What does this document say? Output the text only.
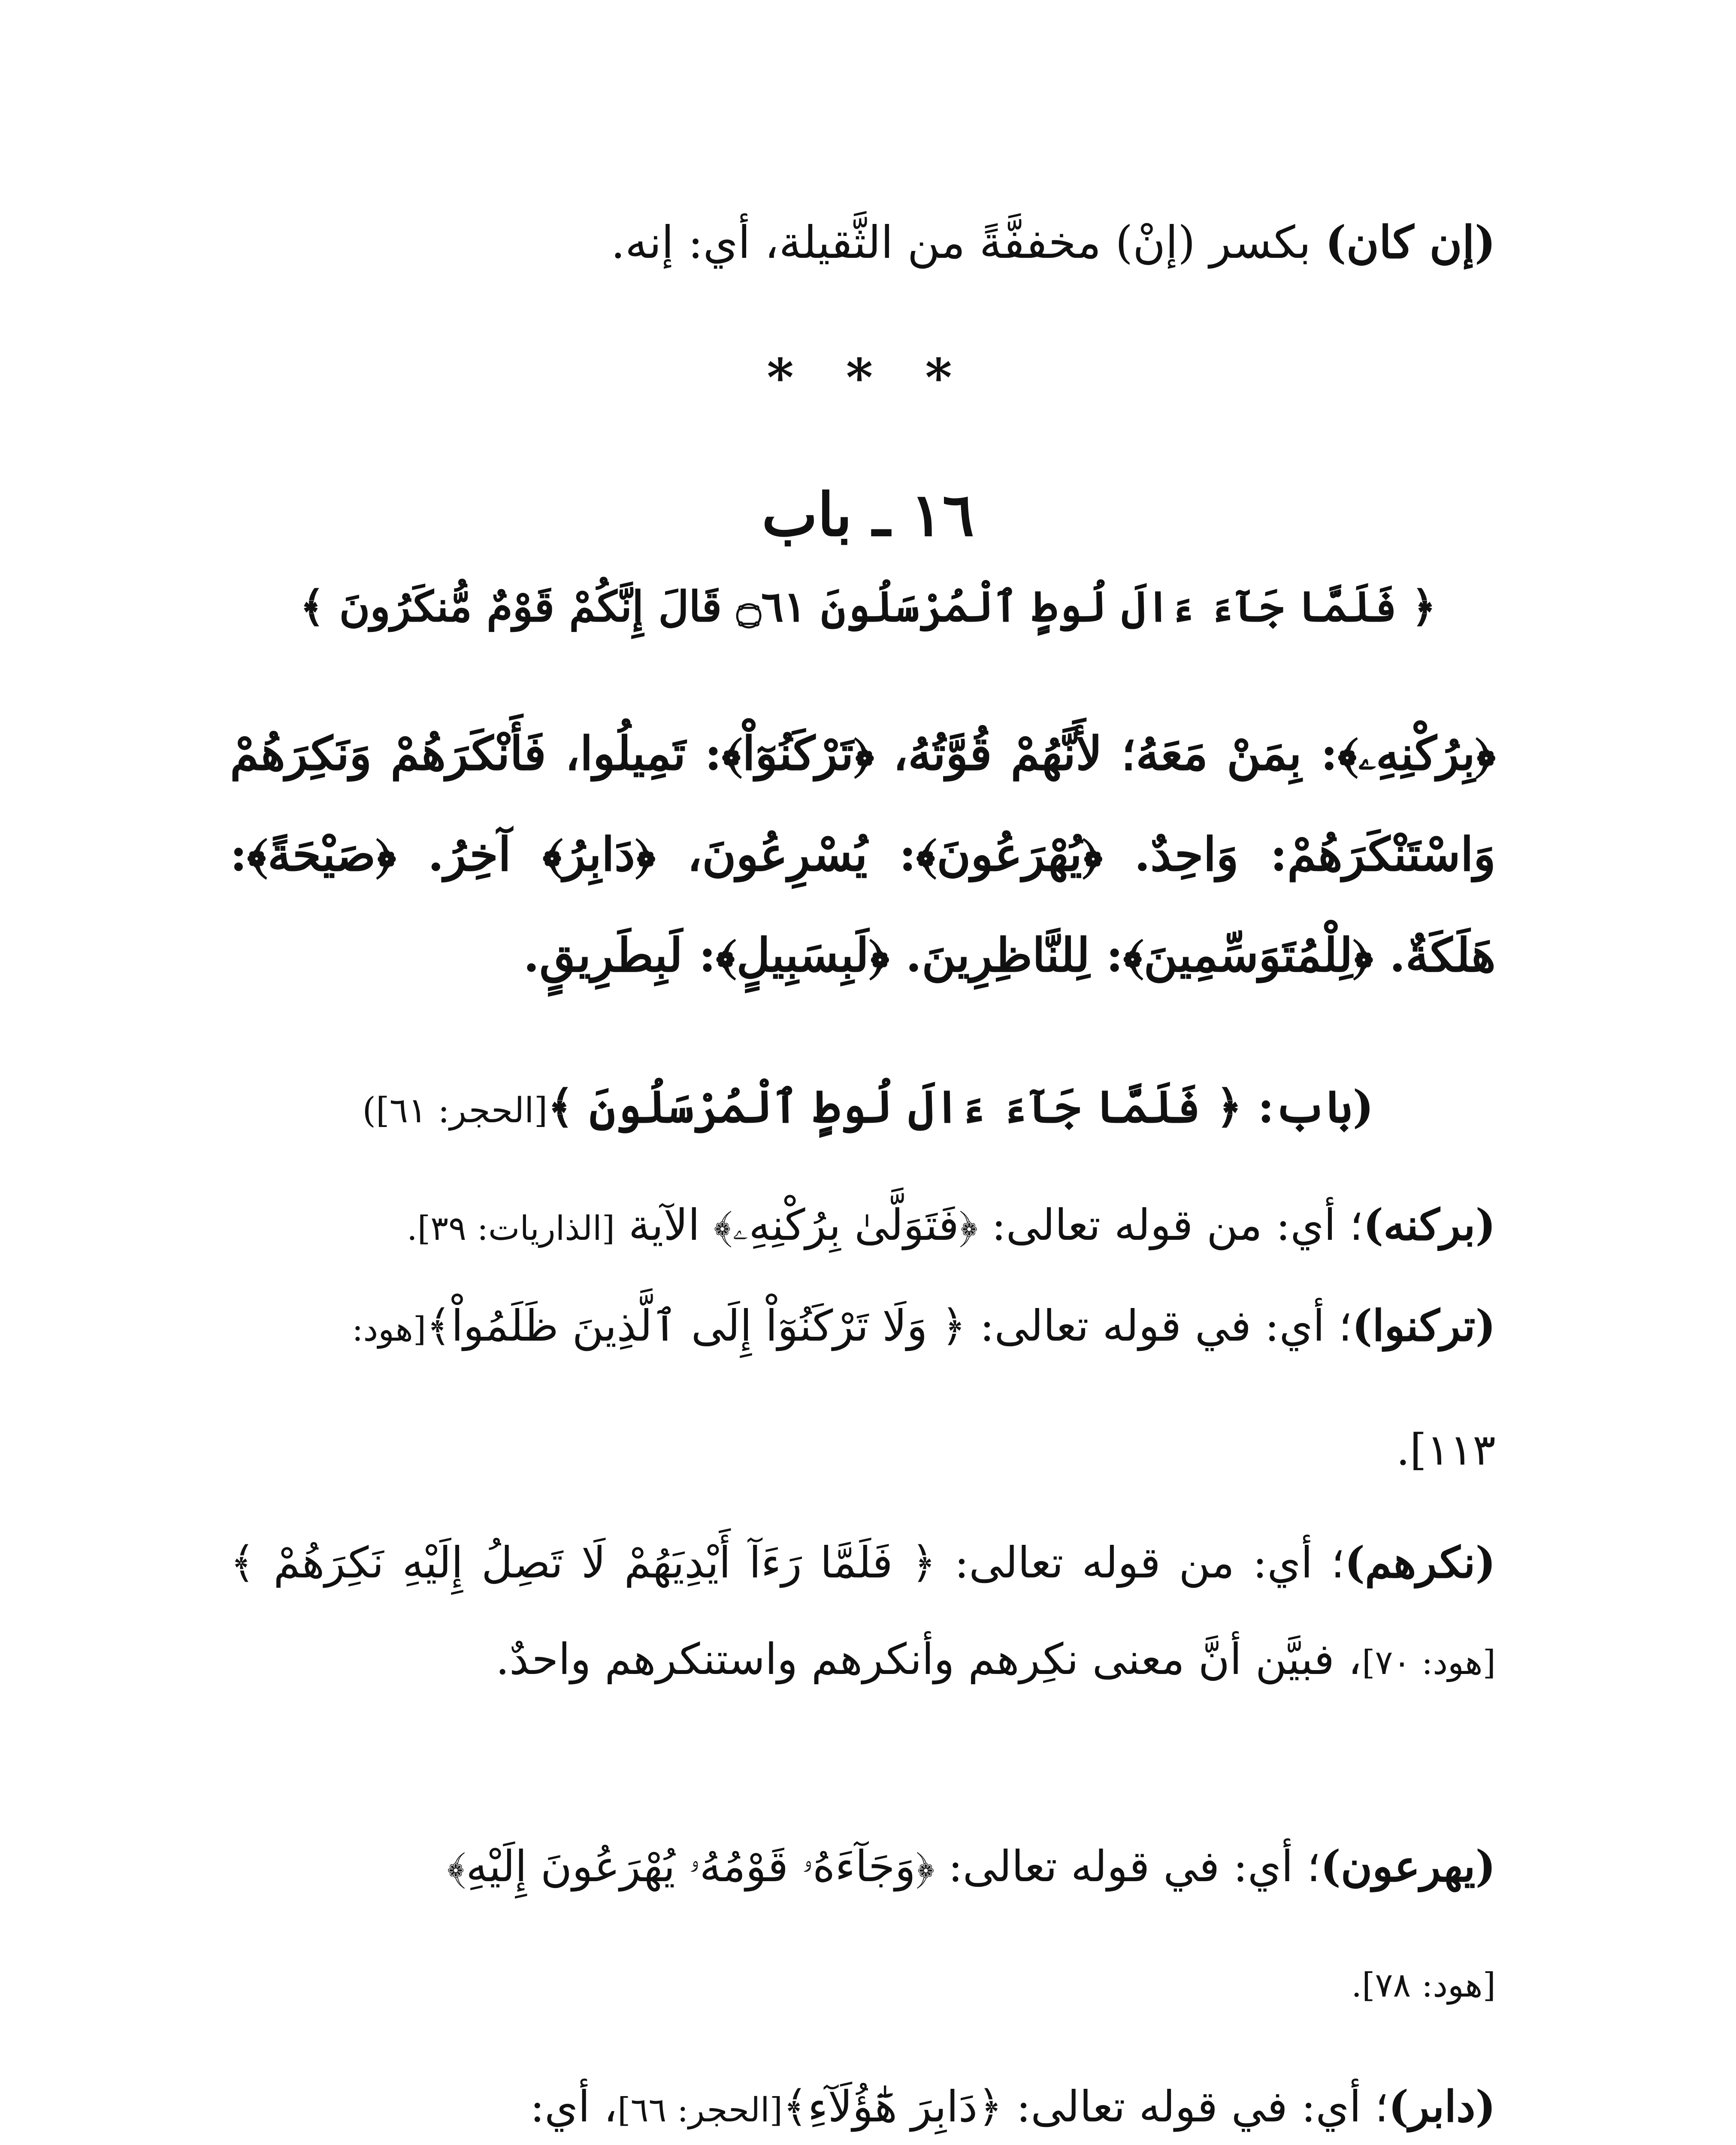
(إن كان) بكسر (إنْ) مخففَّةً من الثَّقيلة، أي: إنه.
* * *
١٦ ـ باب
﴿ فَلَمَّا جَآءَ ءَالَ لُوطٍ ٱلْمُرْسَلُونَ ۝٦١ قَالَ إِنَّكُمْ قَوْمٌ مُّنكَرُونَ ﴾
﴿بِرُكْنِهِۦ﴾: بِمَنْ مَعَهُ؛ لأَنَّهُمْ قُوَّتُهُ، ﴿تَرْكَنُوٓاْ﴾: تَمِيلُوا، فَأَنْكَرَهُمْ وَنَكِرَهُمْ وَاسْتَنْكَرَهُمْ: وَاحِدٌ. ﴿يُهْرَعُونَ﴾: يُسْرِعُونَ، ﴿دَابِرُ﴾ آخِرُ. ﴿صَيْحَةً﴾: هَلَكَةٌ. ﴿لِلْمُتَوَسِّمِينَ﴾: لِلنَّاظِرِينَ. ﴿لَبِسَبِيلٍ﴾: لَبِطَرِيقٍ.
(باب: ﴿ فَلَمَّا جَآءَ ءَالَ لُوطٍ ٱلْمُرْسَلُونَ ﴾[الحجر: ٦١])
(بركنه)؛ أي: من قوله تعالى: ﴿فَتَوَلَّىٰ بِرُكْنِهِۦ﴾ الآية [الذاريات: ٣٩].
(تركنوا)؛ أي: في قوله تعالى: ﴿ وَلَا تَرْكَنُوٓاْ إِلَى ٱلَّذِينَ ظَلَمُواْ﴾[هود:
١١٣].
(نكرهم)؛ أي: من قوله تعالى: ﴿ فَلَمَّا رَءَآ أَيْدِيَهُمْ لَا تَصِلُ إِلَيْهِ نَكِرَهُمْ ﴾[هود: ٧٠]، فبيَّن أنَّ معنى نكِرهم وأنكرهم واستنكرهم واحدٌ.
(يهرعون)؛ أي: في قوله تعالى: ﴿وَجَآءَهُۥ قَوْمُهُۥ يُهْرَعُونَ إِلَيْهِ﴾
[هود: ٧٨].
(دابر)؛ أي: في قوله تعالى: ﴿دَابِرَ هَٰٓؤُلَآءِ﴾[الحجر: ٦٦]، أي:
